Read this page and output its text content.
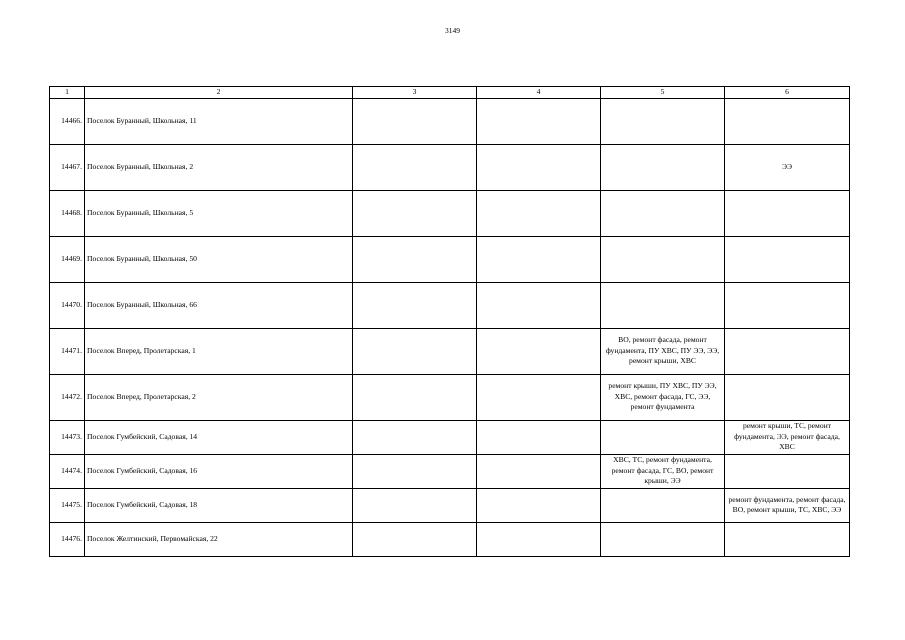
3149
1	2	3	4	5	6
14466.	Поселок Буранный, Школьная, 11				
14467.	Поселок Буранный, Школьная, 2				ЭЭ
14468.	Поселок Буранный, Школьная, 5				
14469.	Поселок Буранный, Школьная, 50				
14470.	Поселок Буранный, Школьная, 66				
14471.	Поселок Вперед, Пролетарская, 1			ВО, ремонт фасада, ремонт фундамента, ПУ ХВС, ПУ ЭЭ, ЭЭ, ремонт крыши, ХВС	
14472.	Поселок Вперед, Пролетарская, 2			ремонт крыши, ПУ ХВС, ПУ ЭЭ, ХВС, ремонт фасада, ГС, ЭЭ, ремонт фундамента	
14473.	Поселок Гумбейский, Садовая, 14				ремонт крыши, ТС, ремонт фундамента, ЭЭ, ремонт фасада, ХВС
14474.	Поселок Гумбейский, Садовая, 16			ХВС, ТС, ремонт фундамента, ремонт фасада, ГС, ВО, ремонт крыши, ЭЭ	
14475.	Поселок Гумбейский, Садовая, 18				ремонт фундамента, ремонт фасада, ВО, ремонт крыши, ТС, ХВС, ЭЭ
14476.	Поселок Желтинский, Первомайская, 22				
